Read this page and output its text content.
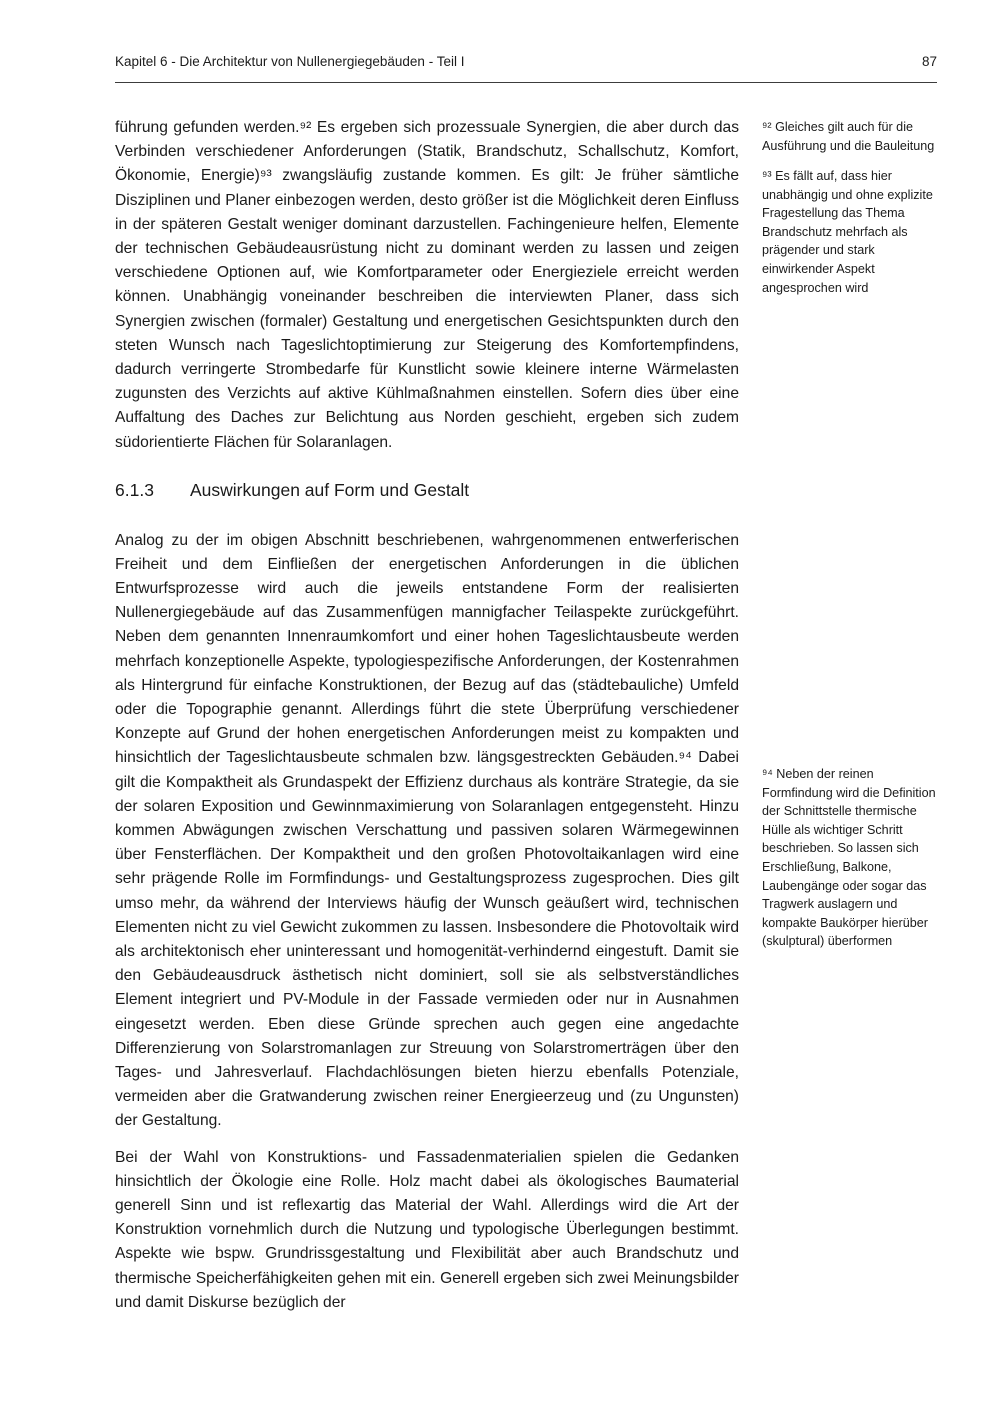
Kapitel 6 - Die Architektur von Nullenergiegebäuden - Teil I	87

führung gefunden werden.⁹² Es ergeben sich prozessuale Synergien, die aber durch das Verbinden verschiedener Anforderungen (Statik, Brandschutz, Schallschutz, Komfort, Ökonomie, Energie)⁹³ zwangsläufig zustande kommen. Es gilt: Je früher sämtliche Disziplinen und Planer einbezogen werden, desto größer ist die Möglichkeit deren Einfluss in der späteren Gestalt weniger dominant darzustellen. Fachingenieure helfen, Elemente der technischen Gebäudeausrüstung nicht zu dominant werden zu lassen und zeigen verschiedene Optionen auf, wie Komfortparameter oder Energieziele erreicht werden können. Unabhängig voneinander beschreiben die interviewten Planer, dass sich Synergien zwischen (formaler) Gestaltung und energetischen Gesichtspunkten durch den steten Wunsch nach Tageslichtoptimierung zur Steigerung des Komfortempfindens, dadurch verringerte Strombedarfe für Kunstlicht sowie kleinere interne Wärmelasten zugunsten des Verzichts auf aktive Kühlmaßnahmen einstellen. Sofern dies über eine Auffaltung des Daches zur Belichtung aus Norden geschieht, ergeben sich zudem südorientierte Flächen für Solaranlagen.

6.1.3	Auswirkungen auf Form und Gestalt

Analog zu der im obigen Abschnitt beschriebenen, wahrgenommenen entwerferischen Freiheit und dem Einfließen der energetischen Anforderungen in die üblichen Entwurfsprozesse wird auch die jeweils entstandene Form der realisierten Nullenergiegebäude auf das Zusammenfügen mannigfacher Teilaspekte zurückgeführt. Neben dem genannten Innenraumkomfort und einer hohen Tageslichtausbeute werden mehrfach konzeptionelle Aspekte, typologiespezifische Anforderungen, der Kostenrahmen als Hintergrund für einfache Konstruktionen, der Bezug auf das (städtebauliche) Umfeld oder die Topographie genannt. Allerdings führt die stete Überprüfung verschiedener Konzepte auf Grund der hohen energetischen Anforderungen meist zu kompakten und hinsichtlich der Tageslichtausbeute schmalen bzw. längsgestreckten Gebäuden.⁹⁴ Dabei gilt die Kompaktheit als Grundaspekt der Effizienz durchaus als konträre Strategie, da sie der solaren Exposition und Gewinnmaximierung von Solaranlagen entgegensteht. Hinzu kommen Abwägungen zwischen Verschattung und passiven solaren Wärmegewinnen über Fensterflächen. Der Kompaktheit und den großen Photovoltaikanlagen wird eine sehr prägende Rolle im Formfindungs- und Gestaltungsprozess zugesprochen. Dies gilt umso mehr, da während der Interviews häufig der Wunsch geäußert wird, technischen Elementen nicht zu viel Gewicht zukommen zu lassen. Insbesondere die Photovoltaik wird als architektonisch eher uninteressant und homogenität-verhindernd eingestuft. Damit sie den Gebäudeausdruck ästhetisch nicht dominiert, soll sie als selbstverständliches Element integriert und PV-Module in der Fassade vermieden oder nur in Ausnahmen eingesetzt werden. Eben diese Gründe sprechen auch gegen eine angedachte Differenzierung von Solarstromanlagen zur Streuung von Solarstromerträgen über den Tages- und Jahresverlauf. Flachdachlösungen bieten hierzu ebenfalls Potenziale, vermeiden aber die Gratwanderung zwischen reiner Energieerzeug und (zu Ungunsten) der Gestaltung.

Bei der Wahl von Konstruktions- und Fassadenmaterialien spielen die Gedanken hinsichtlich der Ökologie eine Rolle. Holz macht dabei als ökologisches Baumaterial generell Sinn und ist reflexartig das Material der Wahl. Allerdings wird die Art der Konstruktion vornehmlich durch die Nutzung und typologische Überlegungen bestimmt. Aspekte wie bspw. Grundrissgestaltung und Flexibilität aber auch Brandschutz und thermische Speicherfähigkeiten gehen mit ein. Generell ergeben sich zwei Meinungsbilder und damit Diskurse bezüglich der

⁹² Gleiches gilt auch für die Ausführung und die Bauleitung
⁹³ Es fällt auf, dass hier unabhängig und ohne explizite Fragestellung das Thema Brandschutz mehrfach als prägender und stark einwirkender Aspekt angesprochen wird
⁹⁴ Neben der reinen Formfindung wird die Definition der Schnittstelle thermische Hülle als wichtiger Schritt beschrieben. So lassen sich Erschließung, Balkone, Laubengänge oder sogar das Tragwerk auslagern und kompakte Baukörper hierüber (skulptural) überformen
